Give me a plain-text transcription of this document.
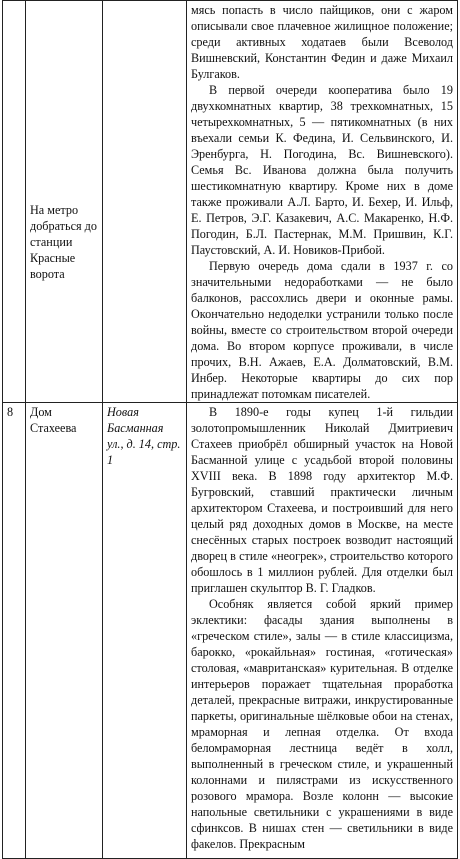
	На метро добраться до станции Красные ворота		мясь попасть в число пайщиков, они с жаром описывали свое плачевное жилищное положение; среди активных ходатаев были Всеволод Вишневский, Константин Федин и даже Михаил Булгаков.

В первой очереди кооператива было 19 двухкомнатных квартир, 38 трехкомнатных, 15 четырехкомнатных, 5 — пятикомнатных (в них въехали семьи К. Федина, И. Сельвинского, И. Эренбурга, Н. Погодина, Вс. Вишневского). Семья Вс. Иванова должна была получить шестикомнатную квартиру. Кроме них в доме также проживали А.Л. Барто, И. Бехер, И. Ильф, Е. Петров, Э.Г. Казакевич, А.С. Макаренко, Н.Ф. Погодин, Б.Л. Пастернак, М.М. Пришвин, К.Г. Паустовский, А. И. Новиков-Прибой.

Первую очередь дома сдали в 1937 г. со значительными недоработками — не было балконов, рассохлись двери и оконные рамы. Окончательно недоделки устранили только после войны, вместе со строительством второй очереди дома. Во втором корпусе проживали, в числе прочих, В.Н. Ажаев, Е.А. Долматовский, В.М. Инбер. Некоторые квартиры до сих пор принадлежат потомкам писателей.

8	Дом Стахеева	Новая Басманная ул., д. 14, стр. 1	В 1890-е годы купец 1-й гильдии золотопромышленник Николай Дмитриевич Стахеев приобрёл обширный участок на Новой Басманной улице с усадьбой второй половины XVIII века. В 1898 году архитектор М.Ф. Бугровский, ставший практически личным архитектором Стахеева, и построивший для него целый ряд доходных домов в Москве, на месте снесённых старых построек возводит настоящий дворец в стиле «неогрек», строительство которого обошлось в 1 миллион рублей. Для отделки был приглашен скульптор В. Г. Гладков.

Особняк является собой яркий пример эклектики: фасады здания выполнены в «греческом стиле», залы — в стиле классицизма, барокко, «рокайльная» гостиная, «готическая» столовая, «мавританская» курительная. В отделке интерьеров поражает тщательная проработка деталей, прекрасные витражи, инкрустированные паркеты, оригинальные шёлковые обои на стенах, мраморная и лепная отделка. От входа беломраморная лестница ведёт в холл, выполненный в греческом стиле, и украшенный колоннами и пилястрами из искусственного розового мрамора. Возле колонн — высокие напольные светильники с украшениями в виде сфинксов. В нишах стен — светильники в виде факелов. Прекрасным
